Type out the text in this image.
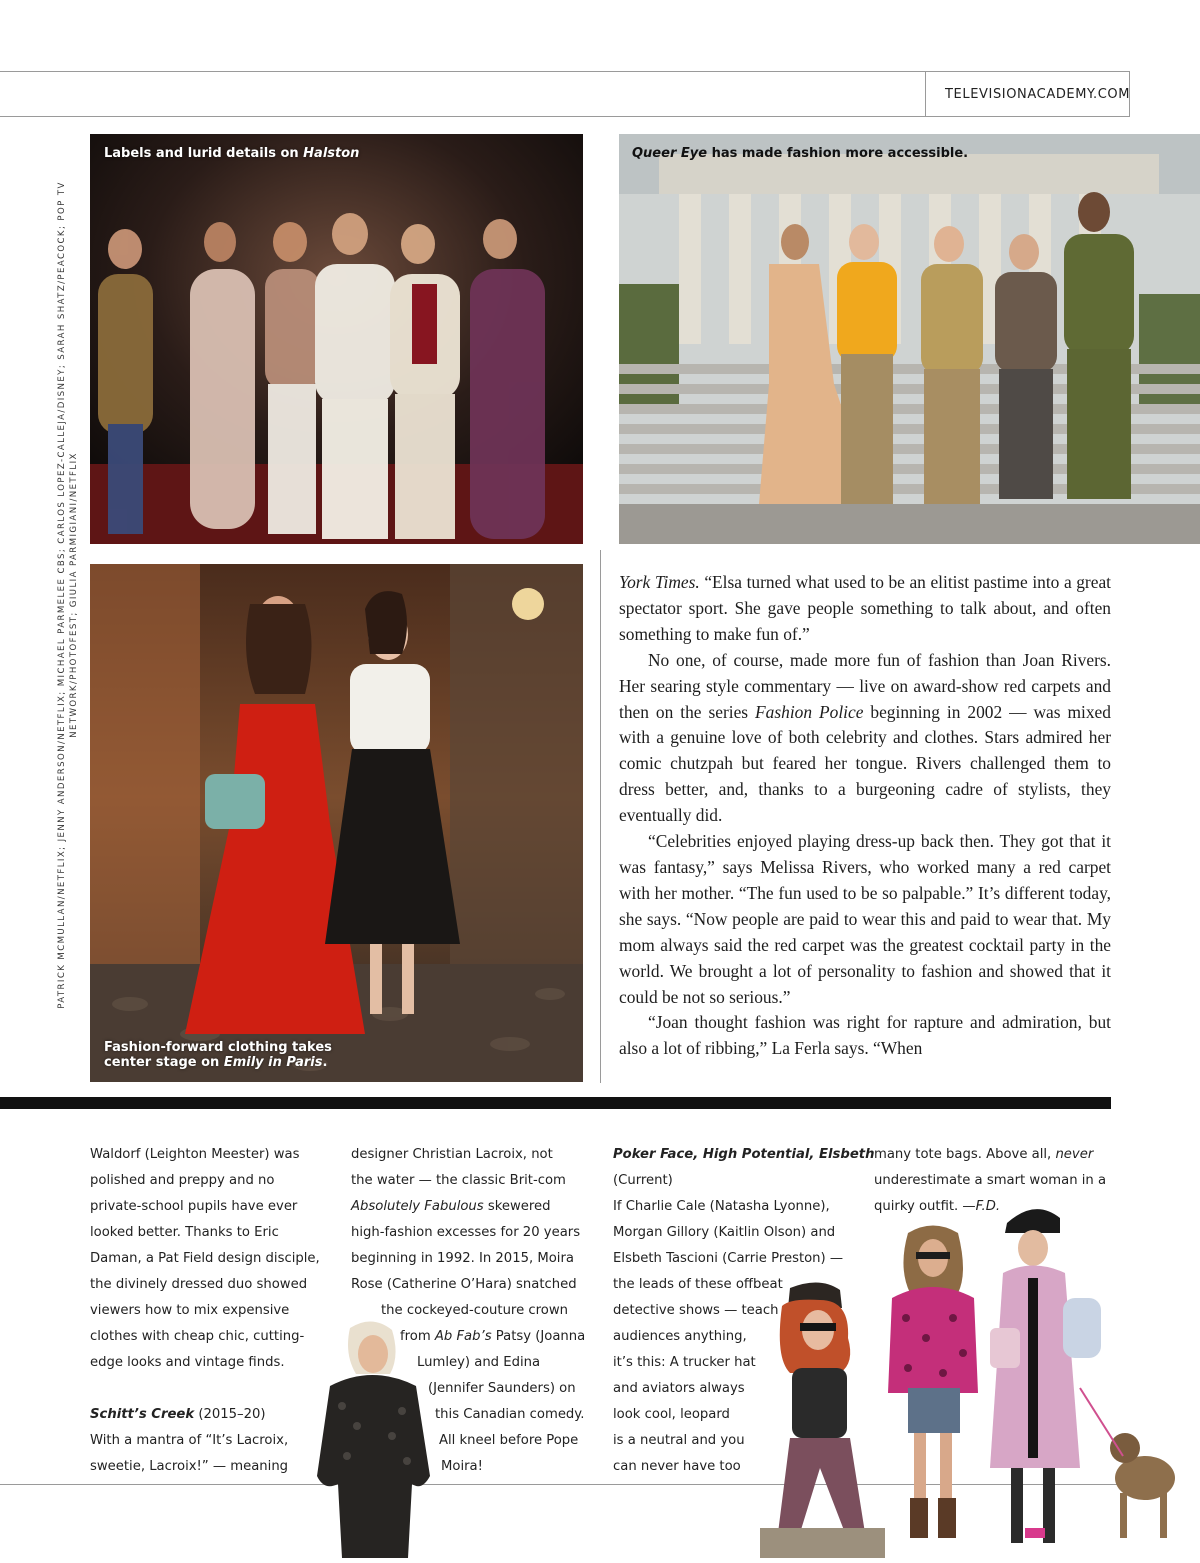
TELEVISIONACADEMY.COM
PATRICK MCMULLAN/NETFLIX; JENNY ANDERSON/NETFLIX; MICHAEL PARMELEE CBS; CARLOS LOPEZ-CALLEJA/DISNEY; SARAH SHATZ/PEACOCK; POP TV NETWORK/PHOTOFEST; GIULIA PARMIGIANI/NETFLIX
Labels and lurid details on Halston	Queer Eye has made fashion more accessible.
Fashion-forward clothing takes
center stage on Emily in Paris.

York Times. “Elsa turned what used to be an elitist pastime into a great spectator sport. She gave people something to talk about, and often something to make fun of.”

No one, of course, made more fun of fashion than Joan Rivers. Her searing style commentary — live on award-show red carpets and then on the series Fashion Police beginning in 2002 — was mixed with a genuine love of both celebrity and clothes. Stars admired her comic chutzpah but feared her tongue. Rivers challenged them to dress better, and, thanks to a burgeoning cadre of stylists, they eventually did.

“Celebrities enjoyed playing dress-up back then. They got that it was fantasy,” says Melissa Rivers, who worked many a red carpet with her mother. “The fun used to be so palpable.” It’s different today, she says. “Now people are paid to wear this and paid to wear that. My mom always said the red carpet was the greatest cocktail party in the world. We brought a lot of personality to fashion and showed that it could be not so serious.”

“Joan thought fashion was right for rapture and admiration, but also a lot of ribbing,” La Ferla says. “When

Waldorf (Leighton Meester) was
polished and preppy and no
private-school pupils have ever
looked better. Thanks to Eric
Daman, a Pat Field design disciple,
the divinely dressed duo showed
viewers how to mix expensive
clothes with cheap chic, cutting-
edge looks and vintage finds.

Schitt’s Creek (2015–20)
With a mantra of “It’s Lacroix,
sweetie, Lacroix!” — meaning
designer Christian Lacroix, not
the water — the classic Brit-com
Absolutely Fabulous skewered
high-fashion excesses for 20 years
beginning in 1992. In 2015, Moira
Rose (Catherine O’Hara) snatched
the cockeyed-couture crown
from Ab Fab’s Patsy (Joanna
Lumley) and Edina
(Jennifer Saunders) on
this Canadian comedy.
All kneel before Pope
Moira!
Poker Face, High Potential, Elsbeth
(Current)
If Charlie Cale (Natasha Lyonne),
Morgan Gillory (Kaitlin Olson) and
Elsbeth Tascioni (Carrie Preston) —
the leads of these offbeat
detective shows — teach
audiences anything,
it’s this: A trucker hat
and aviators always
look cool, leopard
is a neutral and you
can never have too
many tote bags. Above all, never
underestimate a smart woman in a
quirky outfit. —F.D.
